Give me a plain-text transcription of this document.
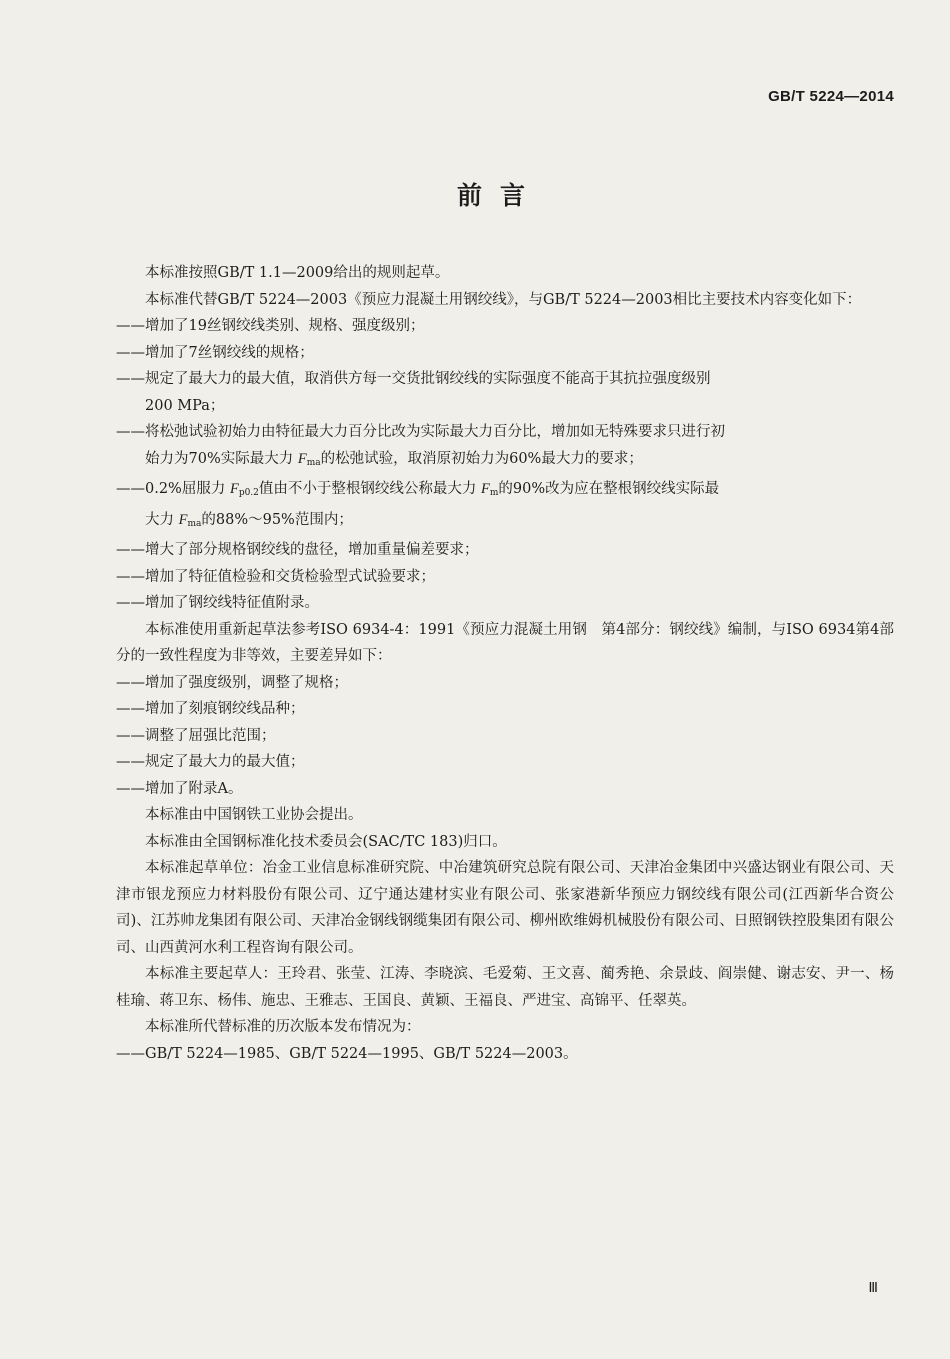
GB/T 5224—2014
前言

本标准按照GB/T 1.1—2009给出的规则起草。

本标准代替GB/T 5224—2003《预应力混凝土用钢绞线》，与GB/T 5224—2003相比主要技术内容变化如下：

——增加了19丝钢绞线类别、规格、强度级别；

——增加了7丝钢绞线的规格；

——规定了最大力的最大值，取消供方每一交货批钢绞线的实际强度不能高于其抗拉强度级别
200 MPa；

——将松弛试验初始力由特征最大力百分比改为实际最大力百分比，增加如无特殊要求只进行初
始力为70%实际最大力 $F_{ma}$的松弛试验，取消原初始力为60%最大力的要求；

——0.2%屈服力 $F_{p0.2}$值由不小于整根钢绞线公称最大力 $F_m$的90%改为应在整根钢绞线实际最
大力 $F_{ma}$的88%～95%范围内；

——增大了部分规格钢绞线的盘径，增加重量偏差要求；

——增加了特征值检验和交货检验型式试验要求；

——增加了钢绞线特征值附录。

本标准使用重新起草法参考ISO 6934-4：1991《预应力混凝土用钢　第4部分：钢绞线》编制，与ISO 6934第4部分的一致性程度为非等效，主要差异如下：

——增加了强度级别，调整了规格；

——增加了刻痕钢绞线品种；

——调整了屈强比范围；

——规定了最大力的最大值；

——增加了附录A。

本标准由中国钢铁工业协会提出。

本标准由全国钢标准化技术委员会(SAC/TC 183)归口。

本标准起草单位：冶金工业信息标准研究院、中冶建筑研究总院有限公司、天津冶金集团中兴盛达钢业有限公司、天津市银龙预应力材料股份有限公司、辽宁通达建材实业有限公司、张家港新华预应力钢绞线有限公司(江西新华合资公司)、江苏帅龙集团有限公司、天津冶金钢线钢缆集团有限公司、柳州欧维姆机械股份有限公司、日照钢铁控股集团有限公司、山西黄河水利工程咨询有限公司。

本标准主要起草人：王玲君、张莹、江涛、李晓滨、毛爱菊、王文喜、蔺秀艳、余景歧、阎崇健、谢志安、尹一、杨桂瑜、蒋卫东、杨伟、施忠、王雅志、王国良、黄颖、王福良、严进宝、高锦平、任翠英。

本标准所代替标准的历次版本发布情况为：

——GB/T 5224—1985、GB/T 5224—1995、GB/T 5224—2003。

Ⅲ
